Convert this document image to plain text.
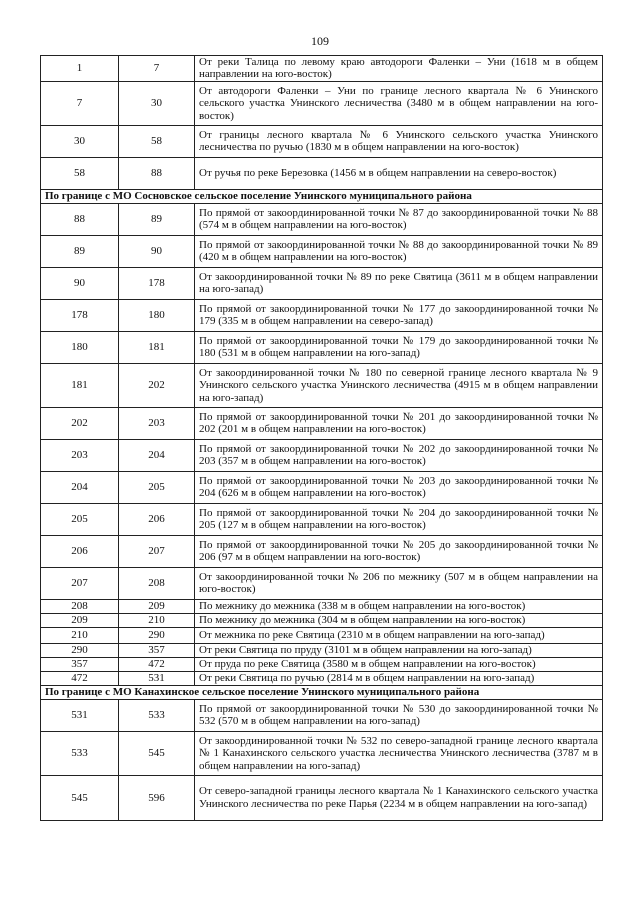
109
1	7	От реки Талица по левому краю автодороги Фаленки – Уни (1618 м в общем направлении на юго-восток)
7	30	От автодороги Фаленки – Уни по границе лесного квартала № 6 Унинского сельского участка Унинского лесничества (3480 м в общем направлении на юго-восток)
30	58	От границы лесного квартала № 6 Унинского сельского участка Унинского лесничества по ручью (1830 м в общем направлении на юго-восток)
58	88	От ручья по реке Березовка (1456 м в общем направлении на северо-восток)
По границе с МО Сосновское сельское поселение Унинского муниципального района		
88	89	По прямой от закоординированной точки № 87 до закоординированной точки № 88 (574 м в общем направлении на юго-восток)
89	90	По прямой от закоординированной точки № 88 до закоординированной точки № 89 (420 м в общем направлении на юго-восток)
90	178	От закоординированной точки № 89 по реке Святица (3611 м в общем направлении на юго-запад)
178	180	По прямой от закоординированной точки № 177 до закоординированной точки № 179 (335 м в общем направлении на северо-запад)
180	181	По прямой от закоординированной точки № 179 до закоординированной точки № 180 (531 м в общем направлении на юго-запад)
181	202	От закоординированной точки № 180 по северной границе лесного квартала № 9 Унинского сельского участка Унинского лесничества (4915 м в общем направлении на юго-запад)
202	203	По прямой от закоординированной точки № 201 до закоординированной точки № 202 (201 м в общем направлении на юго-восток)
203	204	По прямой от закоординированной точки № 202 до закоординированной точки № 203 (357 м в общем направлении на юго-восток)
204	205	По прямой от закоординированной точки № 203 до закоординированной точки № 204 (626 м в общем направлении на юго-восток)
205	206	По прямой от закоординированной точки № 204 до закоординированной точки № 205 (127 м в общем направлении на юго-восток)
206	207	По прямой от закоординированной точки № 205 до закоординированной точки № 206 (97 м в общем направлении на юго-восток)
207	208	От закоординированной точки № 206 по межнику (507 м в общем направлении на юго-восток)
208	209	По межнику до межника (338 м в общем направлении на юго-восток)
209	210	По межнику до межника (304 м в общем направлении на юго-восток)
210	290	От межника по реке Святица (2310 м в общем направлении на юго-запад)
290	357	От реки Святица по пруду (3101 м в общем направлении на юго-запад)
357	472	От пруда по реке Святица (3580 м в общем направлении на юго-восток)
472	531	От реки Святица по ручью (2814 м в общем направлении на юго-запад)
По границе с МО Канахинское сельское поселение Унинского муниципального района		
531	533	По прямой от закоординированной точки № 530 до закоординированной точки № 532 (570 м в общем направлении на юго-запад)
533	545	От закоординированной точки № 532 по северо-западной границе лесного квартала № 1 Канахинского сельского участка лесничества Унинского лесничества (3787 м в общем направлении на юго-запад)
545	596	От северо-западной границы лесного квартала № 1 Канахинского сельского участка Унинского лесничества по реке Парья (2234 м в общем направлении на юго-запад)
